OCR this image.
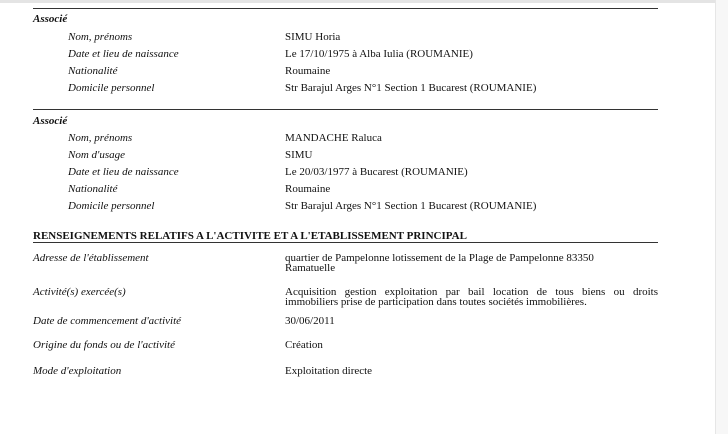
Associé
Nom, prénoms	SIMU Horia
Date et lieu de naissance	Le 17/10/1975 à Alba Iulia (ROUMANIE)
Nationalité	Roumaine
Domicile personnel	Str Barajul Arges N°1 Section 1 Bucarest (ROUMANIE)
Associé
Nom, prénoms	MANDACHE Raluca
Nom d'usage	SIMU
Date et lieu de naissance	Le 20/03/1977 à Bucarest (ROUMANIE)
Nationalité	Roumaine
Domicile personnel	Str Barajul Arges N°1 Section 1 Bucarest (ROUMANIE)
RENSEIGNEMENTS RELATIFS A L'ACTIVITE ET A L'ETABLISSEMENT PRINCIPAL
Adresse de l'établissement	quartier de Pampelonne lotissement de la Plage de Pampelonne 83350 Ramatuelle
Activité(s) exercée(s)	Acquisition gestion exploitation par bail location de tous biens ou droits immobiliers prise de participation dans toutes sociétés immobilières.
Date de commencement d'activité	30/06/2011
Origine du fonds ou de l'activité	Création
Mode d'exploitation	Exploitation directe
